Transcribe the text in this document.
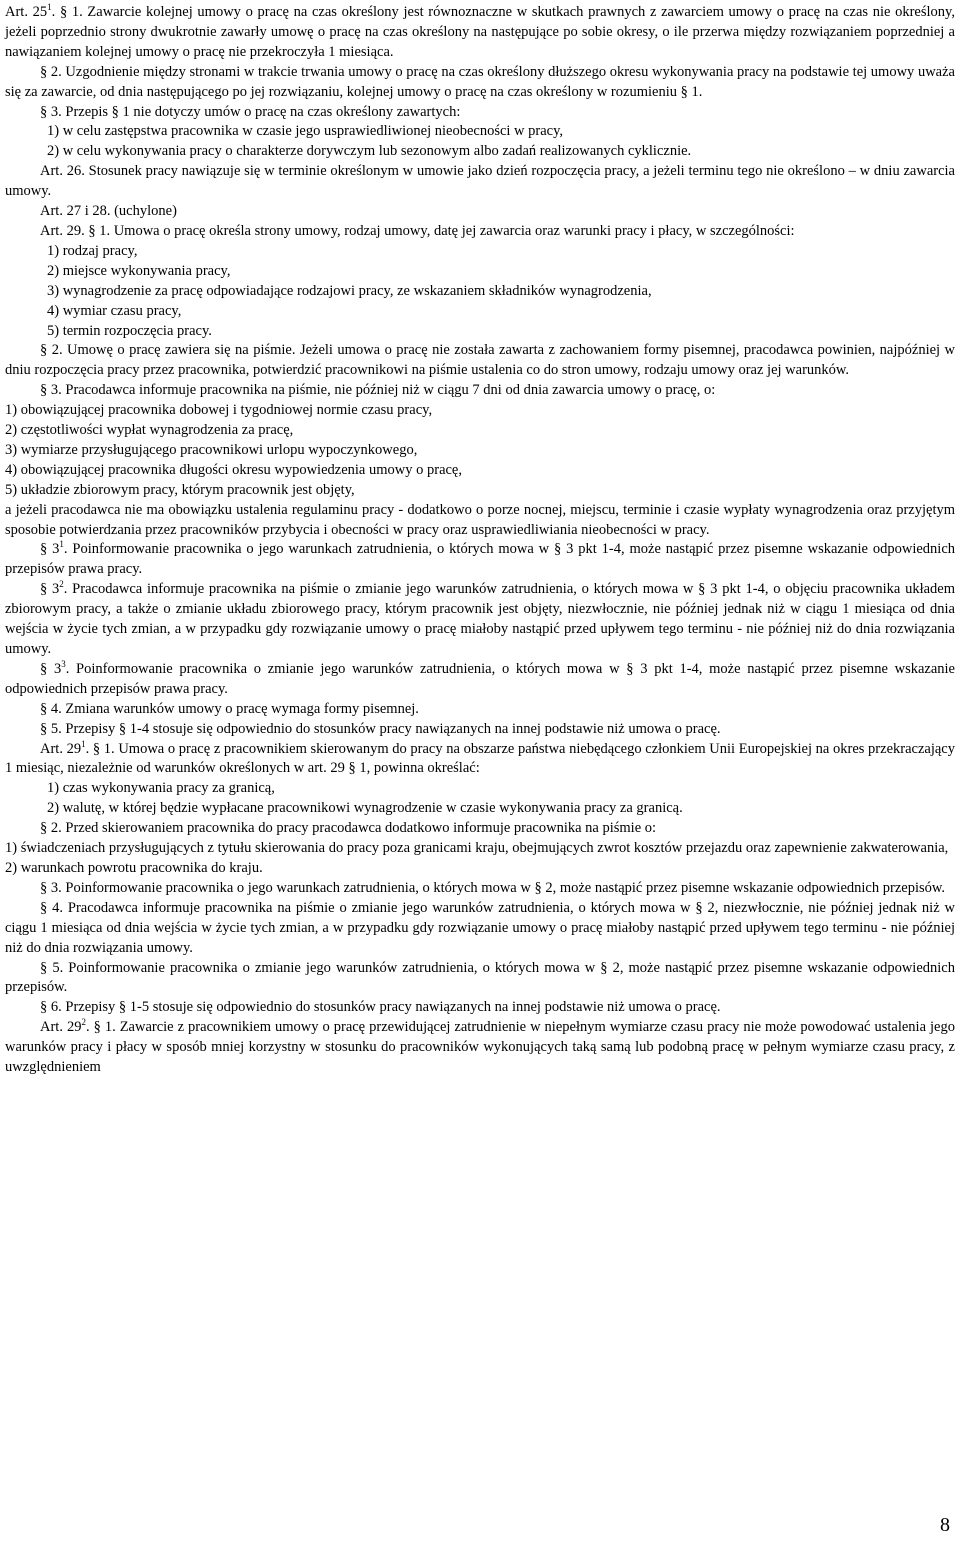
Art. $25^1$. § 1. Zawarcie kolejnej umowy o pracę na czas określony jest równoznaczne w skutkach prawnych z zawarciem umowy o pracę na czas nie określony, jeżeli poprzednio strony dwukrotnie zawarły umowę o pracę na czas określony na następujące po sobie okresy, o ile przerwa między rozwiązaniem poprzedniej a nawiązaniem kolejnej umowy o pracę nie przekroczyła 1 miesiąca.

§ 2. Uzgodnienie między stronami w trakcie trwania umowy o pracę na czas określony dłuższego okresu wykonywania pracy na podstawie tej umowy uważa się za zawarcie, od dnia następującego po jej rozwiązaniu, kolejnej umowy o pracę na czas określony w rozumieniu § 1.

§ 3. Przepis § 1 nie dotyczy umów o pracę na czas określony zawartych:

1) w celu zastępstwa pracownika w czasie jego usprawiedliwionej nieobecności w pracy,

2) w celu wykonywania pracy o charakterze dorywczym lub sezonowym albo zadań realizowanych cyklicznie.

Art. 26. Stosunek pracy nawiązuje się w terminie określonym w umowie jako dzień rozpoczęcia pracy, a jeżeli terminu tego nie określono – w dniu zawarcia umowy.

Art. 27 i 28. (uchylone)

Art. 29. § 1. Umowa o pracę określa strony umowy, rodzaj umowy, datę jej zawarcia oraz warunki pracy i płacy, w szczególności:

1) rodzaj pracy,

2) miejsce wykonywania pracy,

3) wynagrodzenie za pracę odpowiadające rodzajowi pracy, ze wskazaniem składników wynagrodzenia,

4) wymiar czasu pracy,

5) termin rozpoczęcia pracy.

§ 2. Umowę o pracę zawiera się na piśmie. Jeżeli umowa o pracę nie została zawarta z zachowaniem formy pisemnej, pracodawca powinien, najpóźniej w dniu rozpoczęcia pracy przez pracownika, potwierdzić pracownikowi na piśmie ustalenia co do stron umowy, rodzaju umowy oraz jej warunków.

§ 3. Pracodawca informuje pracownika na piśmie, nie później niż w ciągu 7 dni od dnia zawarcia umowy o pracę, o:

1) obowiązującej pracownika dobowej i tygodniowej normie czasu pracy,

2) częstotliwości wypłat wynagrodzenia za pracę,

3) wymiarze przysługującego pracownikowi urlopu wypoczynkowego,

4) obowiązującej pracownika długości okresu wypowiedzenia umowy o pracę,

5) układzie zbiorowym pracy, którym pracownik jest objęty,

a jeżeli pracodawca nie ma obowiązku ustalenia regulaminu pracy - dodatkowo o porze nocnej, miejscu, terminie i czasie wypłaty wynagrodzenia oraz przyjętym sposobie potwierdzania przez pracowników przybycia i obecności w pracy oraz usprawiedliwiania nieobecności w pracy.

§ $3^1$. Poinformowanie pracownika o jego warunkach zatrudnienia, o których mowa w § 3 pkt 1-4, może nastąpić przez pisemne wskazanie odpowiednich przepisów prawa pracy.

§ $3^2$. Pracodawca informuje pracownika na piśmie o zmianie jego warunków zatrudnienia, o których mowa w § 3 pkt 1-4, o objęciu pracownika układem zbiorowym pracy, a także o zmianie układu zbiorowego pracy, którym pracownik jest objęty, niezwłocznie, nie później jednak niż w ciągu 1 miesiąca od dnia wejścia w życie tych zmian, a w przypadku gdy rozwiązanie umowy o pracę miałoby nastąpić przed upływem tego terminu - nie później niż do dnia rozwiązania umowy.

§ $3^3$. Poinformowanie pracownika o zmianie jego warunków zatrudnienia, o których mowa w § 3 pkt 1-4, może nastąpić przez pisemne wskazanie odpowiednich przepisów prawa pracy.

§ 4. Zmiana warunków umowy o pracę wymaga formy pisemnej.

§ 5. Przepisy § 1-4 stosuje się odpowiednio do stosunków pracy nawiązanych na innej podstawie niż umowa o pracę.

Art. $29^1$. § 1. Umowa o pracę z pracownikiem skierowanym do pracy na obszarze państwa niebędącego członkiem Unii Europejskiej na okres przekraczający 1 miesiąc, niezależnie od warunków określonych w art. 29 § 1, powinna określać:

1) czas wykonywania pracy za granicą,

2) walutę, w której będzie wypłacane pracownikowi wynagrodzenie w czasie wykonywania pracy za granicą.

§ 2. Przed skierowaniem pracownika do pracy pracodawca dodatkowo informuje pracownika na piśmie o:

1) świadczeniach przysługujących z tytułu skierowania do pracy poza granicami kraju, obejmujących zwrot kosztów przejazdu oraz zapewnienie zakwaterowania,

2) warunkach powrotu pracownika do kraju.

§ 3. Poinformowanie pracownika o jego warunkach zatrudnienia, o których mowa w § 2, może nastąpić przez pisemne wskazanie odpowiednich przepisów.

§ 4. Pracodawca informuje pracownika na piśmie o zmianie jego warunków zatrudnienia, o których mowa w § 2, niezwłocznie, nie później jednak niż w ciągu 1 miesiąca od dnia wejścia w życie tych zmian, a w przypadku gdy rozwiązanie umowy o pracę miałoby nastąpić przed upływem tego terminu - nie później niż do dnia rozwiązania umowy.

§ 5. Poinformowanie pracownika o zmianie jego warunków zatrudnienia, o których mowa w § 2, może nastąpić przez pisemne wskazanie odpowiednich przepisów.

§ 6. Przepisy § 1-5 stosuje się odpowiednio do stosunków pracy nawiązanych na innej podstawie niż umowa o pracę.

Art. $29^2$. § 1. Zawarcie z pracownikiem umowy o pracę przewidującej zatrudnienie w niepełnym wymiarze czasu pracy nie może powodować ustalenia jego warunków pracy i płacy w sposób mniej korzystny w stosunku do pracowników wykonujących taką samą lub podobną pracę w pełnym wymiarze czasu pracy, z uwzględnieniem

8
